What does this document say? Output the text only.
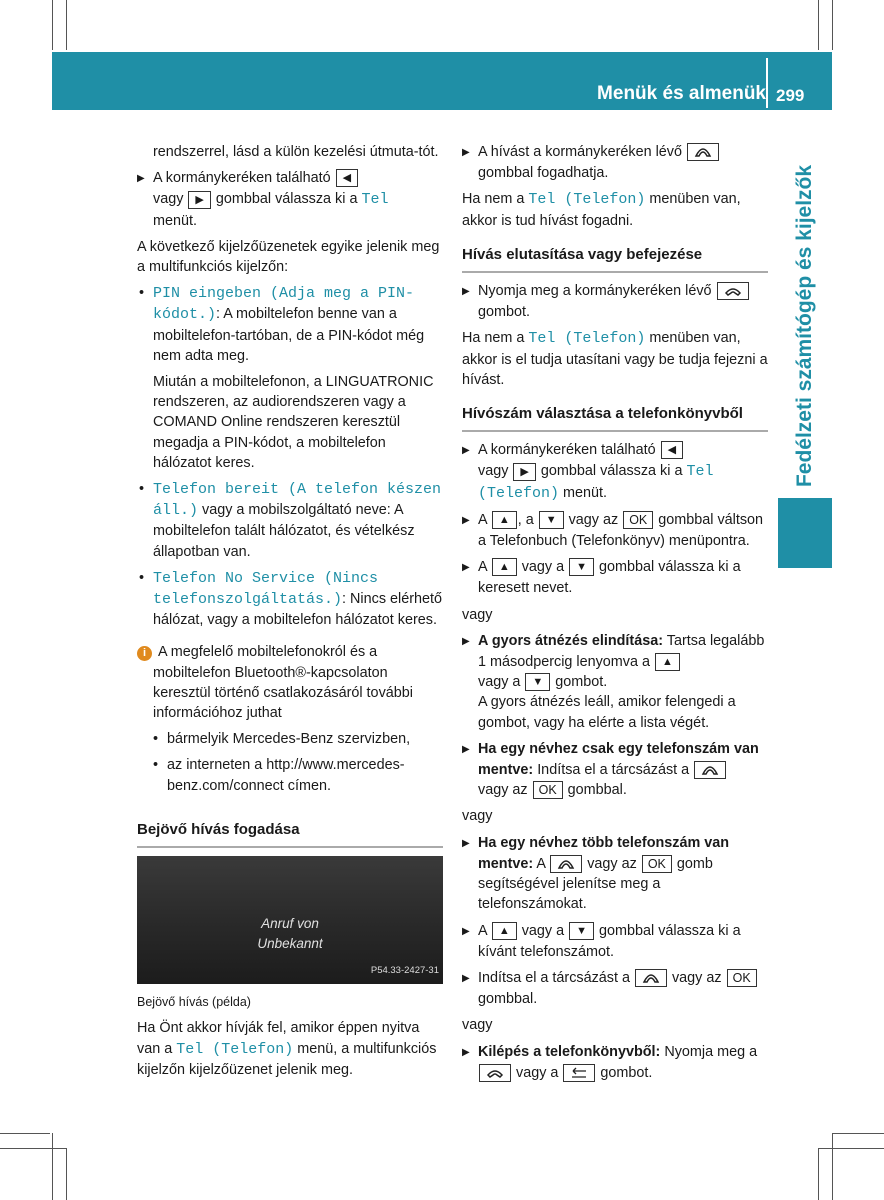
Menük és almenük 299
Fedélzeti számítógép és kijelzők

rendszerrel, lásd a külön kezelési útmuta-tót.

▶ A kormánykeréken található ◀
vagy ▶ gombbal válassza ki a Tel
menüt.

A következő kijelzőüzenetek egyike jelenik meg a multifunkciós kijelzőn:

• PIN eingeben (Adja meg a PIN-kódot.): A mobiltelefon benne van a mobiltelefon-tartóban, de a PIN-kódot még nem adta meg.

Miután a mobiltelefonon, a LINGUATRONIC rendszeren, az audiorendszeren vagy a COMAND Online rendszeren keresztül megadja a PIN-kódot, a mobiltelefon hálózatot keres.

• Telefon bereit (A telefon készen áll.) vagy a mobilszolgáltató neve: A mobiltelefon talált hálózatot, és vételkész állapotban van.

• Telefon No Service (Nincs telefonszolgáltatás.): Nincs elérhető hálózat, vagy a mobiltelefon hálózatot keres.

i A megfelelő mobiltelefonokról és a mobiltelefon Bluetooth®-kapcsolaton keresztül történő csatlakozásáról további információhoz juthat

• bármelyik Mercedes-Benz szervizben,

• az interneten a http://www.mercedes-benz.com/connect címen.

Bejövő hívás fogadása
Anruf von
Unbekannt
P54.33-2427-31

Bejövő hívás (példa)

Ha Önt akkor hívják fel, amikor éppen nyitva van a Tel (Telefon) menü, a multifunkciós kijelzőn kijelzőüzenet jelenik meg.

▶ A hívást a kormánykeréken lévő
gombbal fogadhatja.

Ha nem a Tel (Telefon) menüben van, akkor is tud hívást fogadni.

Hívás elutasítása vagy befejezése

▶ Nyomja meg a kormánykeréken lévő
gombot.

Ha nem a Tel (Telefon) menüben van, akkor is el tudja utasítani vagy be tudja fejezni a hívást.

Hívószám választása a telefonkönyvből

▶ A kormánykeréken található ◀
vagy ▶ gombbal válassza ki a Tel (Telefon) menüt.

▶ A ▲ , a ▼ vagy az OK gombbal váltson a Telefonbuch (Telefonkönyv) menüpontra.

▶ A ▲ vagy a ▼ gombbal válassza ki a keresett nevet.

vagy

▶ A gyors átnézés elindítása: Tartsa legalább 1 másodpercig lenyomva a ▲
vagy a ▼ gombot.
A gyors átnézés leáll, amikor felengedi a gombot, vagy ha elérte a lista végét.

▶ Ha egy névhez csak egy telefonszám van mentve: Indítsa el a tárcsázást a
vagy az OK gombbal.

vagy

▶ Ha egy névhez több telefonszám van mentve: A	vagy az OK gomb segítségével jelenítse meg a telefonszámokat.

▶ A ▲ vagy a ▼ gombbal válassza ki a kívánt telefonszámot.

▶ Indítsa el a tárcsázást a	vagy az OK
gombbal.

vagy

▶ Kilépés a telefonkönyvből: Nyomja meg a  vagy a	gombot.
